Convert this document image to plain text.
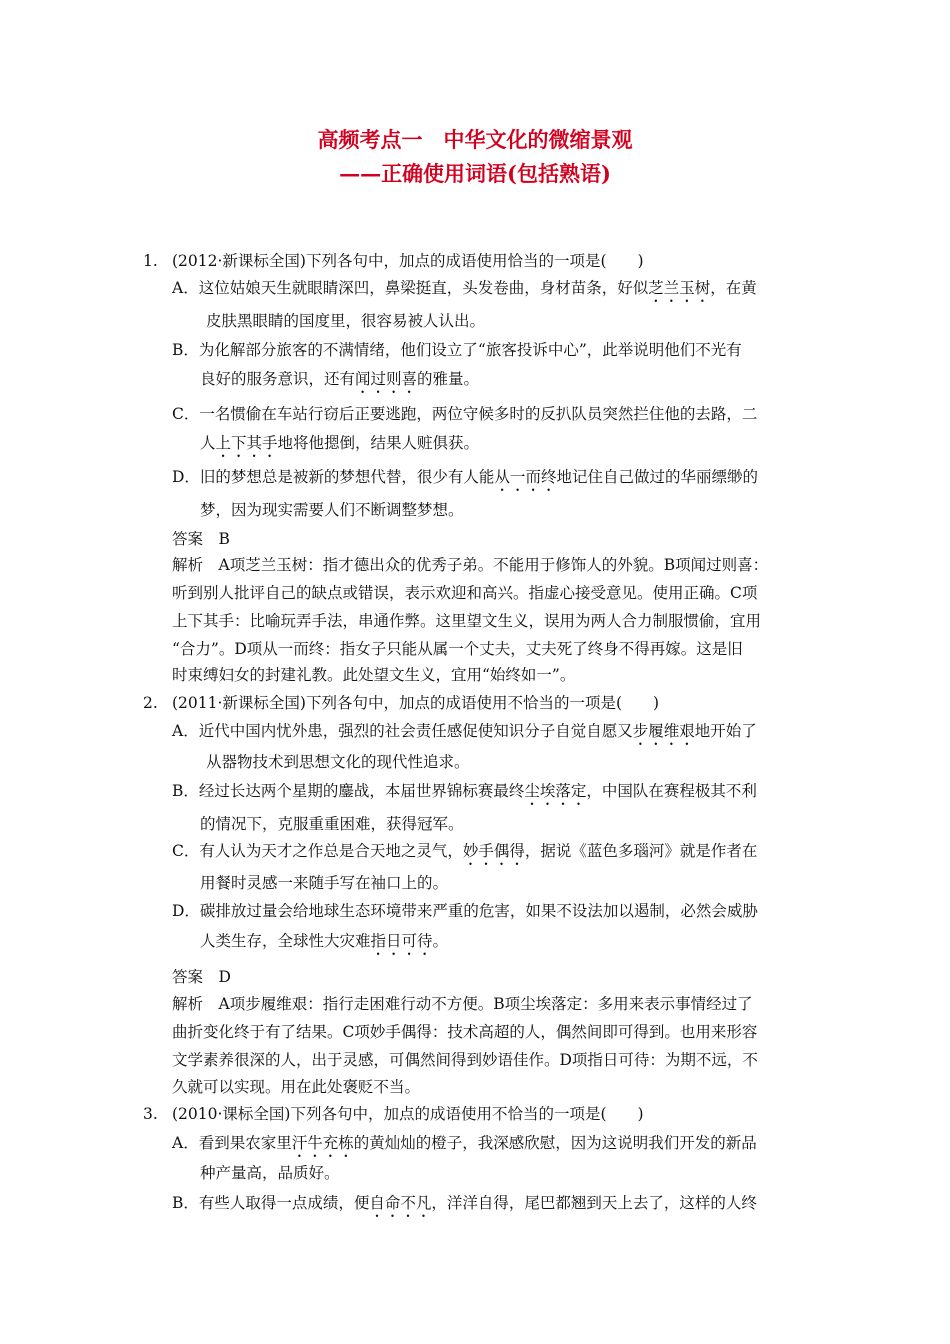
高频考点一　中华文化的微缩景观
——正确使用词语(包括熟语)
1. (2012·新课标全国)下列各句中，加点的成语使用恰当的一项是(　　)
A．这位姑娘天生就眼睛深凹，鼻梁挺直，头发卷曲，身材苗条，好似芝兰玉树，在黄
皮肤黑眼睛的国度里，很容易被人认出。
B．为化解部分旅客的不满情绪，他们设立了“旅客投诉中心”，此举说明他们不光有
良好的服务意识，还有闻过则喜的雅量。
C．一名惯偷在车站行窃后正要逃跑，两位守候多时的反扒队员突然拦住他的去路，二
人上下其手地将他摁倒，结果人赃俱获。
D．旧的梦想总是被新的梦想代替，很少有人能从一而终地记住自己做过的华丽缥缈的
梦，因为现实需要人们不断调整梦想。
答案　B
解析　A项芝兰玉树：指才德出众的优秀子弟。不能用于修饰人的外貌。B项闻过则喜：
听到别人批评自己的缺点或错误，表示欢迎和高兴。指虚心接受意见。使用正确。C项
上下其手：比喻玩弄手法，串通作弊。这里望文生义，误用为两人合力制服惯偷，宜用
“合力”。D项从一而终：指女子只能从属一个丈夫，丈夫死了终身不得再嫁。这是旧
时束缚妇女的封建礼教。此处望文生义，宜用“始终如一”。
2. (2011·新课标全国)下列各句中，加点的成语使用不恰当的一项是(　　)
A．近代中国内忧外患，强烈的社会责任感促使知识分子自觉自愿又步履维艰地开始了
从器物技术到思想文化的现代性追求。
B．经过长达两个星期的鏖战，本届世界锦标赛最终尘埃落定，中国队在赛程极其不利
的情况下，克服重重困难，获得冠军。
C．有人认为天才之作总是合天地之灵气，妙手偶得，据说《蓝色多瑙河》就是作者在
用餐时灵感一来随手写在袖口上的。
D．碳排放过量会给地球生态环境带来严重的危害，如果不设法加以遏制，必然会威胁
人类生存，全球性大灾难指日可待。
答案　D
解析　A项步履维艰：指行走困难行动不方便。B项尘埃落定：多用来表示事情经过了
曲折变化终于有了结果。C项妙手偶得：技术高超的人，偶然间即可得到。也用来形容
文学素养很深的人，出于灵感，可偶然间得到妙语佳作。D项指日可待：为期不远，不
久就可以实现。用在此处褒贬不当。
3. (2010·课标全国)下列各句中，加点的成语使用不恰当的一项是(　　)
A．看到果农家里汗牛充栋的黄灿灿的橙子，我深感欣慰，因为这说明我们开发的新品
种产量高，品质好。
B．有些人取得一点成绩，便自命不凡，洋洋自得，尾巴都翘到天上去了，这样的人终
